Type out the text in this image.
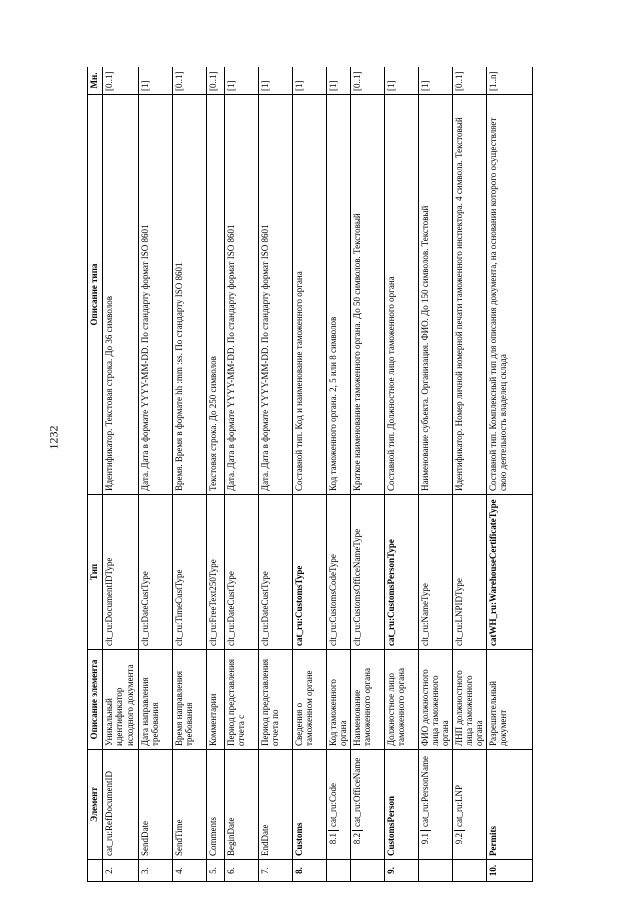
1232
	Элемент	Описание элемента	Тип	Описание типа	Мн.
2.	cat_ru:RefDocumentID	Уникальный идентификатор исходного документа	clt_ru:DocumentIDType	Идентификатор. Текстовая строка. До 36 символов	[0..1]
3.	SendDate	Дата направления требования	clt_ru:DateCustType	Дата. Дата в формате YYYY-MM-DD. По стандарту формат ISO 8601	[1]
4.	SendTime	Время направления требования	clt_ru:TimeCustType	Время. Время в формате hh :mm :ss. По стандарту ISO 8601	[0..1]
5.	Comments	Комментарии	clt_ru:FreeText250Type	Текстовая строка. До 250 символов	[0..1]
6.	BeginDate	Период представления отчета с	clt_ru:DateCustType	Дата. Дата в формате YYYY-MM-DD. По стандарту формат ISO 8601	[1]
7.	EndDate	Период представления отчета по	clt_ru:DateCustType	Дата. Дата в формате YYYY-MM-DD. По стандарту формат ISO 8601	[1]
8.	Customs	Сведения о таможенном органе	cat_ru:CustomsType	Составной тип. Код и наименование таможенного органа	[1]
	8.1cat_ru:Code	Код таможенного органа	clt_ru:CustomsCodeType	Код таможенного органа. 2, 5 или 8 символов	[1]
	8.2cat_ru:OfficeName	Наименование таможенного органа	clt_ru:CustomsOfficeNameType	Краткое наименование таможенного органа. До 50 символов. Текстовый	[0..1]
9.	CustomsPerson	Должностное лицо таможенного органа	cat_ru:CustomsPersonType	Составной тип. Должностное лицо таможенного органа	[1]
	9.1cat_ru:PersonName	ФИО должностного лица таможенного органа	clt_ru:NameType	Наименование субъекта. Организация. ФИО. До 150 символов. Текстовый	[1]
	9.2cat_ru:LNP	ЛНП должностного лица таможенного органа	clt_ru:LNPIDType	Идентификатор. Номер личной номерной печати таможенного инспектора. 4 символа. Текстовый	[0..1]
10.	Permits	Разрешительный документ	catWH_ru:WarehouseCertificateType	Составной тип. Комплексный тип для описания документа, на основании которого осуществляет свою деятельность владелец склада	[1..n]
